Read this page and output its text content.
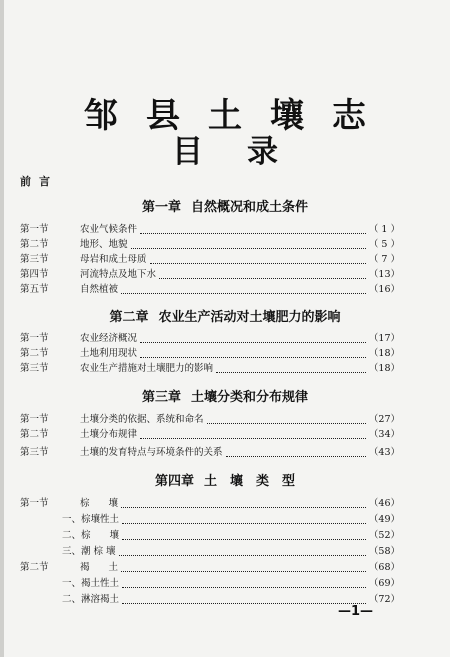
邹县土壤志
目录
前言
第一章 自然概况和成土条件
第一节	农业气候条件	（ 1 ）
第二节	地形、地貌	（ 5 ）
第三节	母岩和成土母质	（ 7 ）
第四节	河流特点及地下水	（13）
第五节	自然植被	（16）
第二章 农业生产活动对土壤肥力的影响
第一节	农业经济概况	（17）
第二节	土地利用现状	（18）
第三节	农业生产措施对土壤肥力的影响	（18）
第三章 土壤分类和分布规律
第一节	土壤分类的依据、系统和命名	（27）
第二节	土壤分布规律	（34）
第三节	土壤的发育特点与环境条件的关系	（43）
第四章 土　壤　类　型
第一节	棕　　壤	（46）
一、棕壤性土	（49）
二、棕　　壤	（52）
三、潮 棕 壤	（58）
第二节	褐　　土	（68）
一、褐土性土	（69）
二、淋溶褐土	（72）
—1—
